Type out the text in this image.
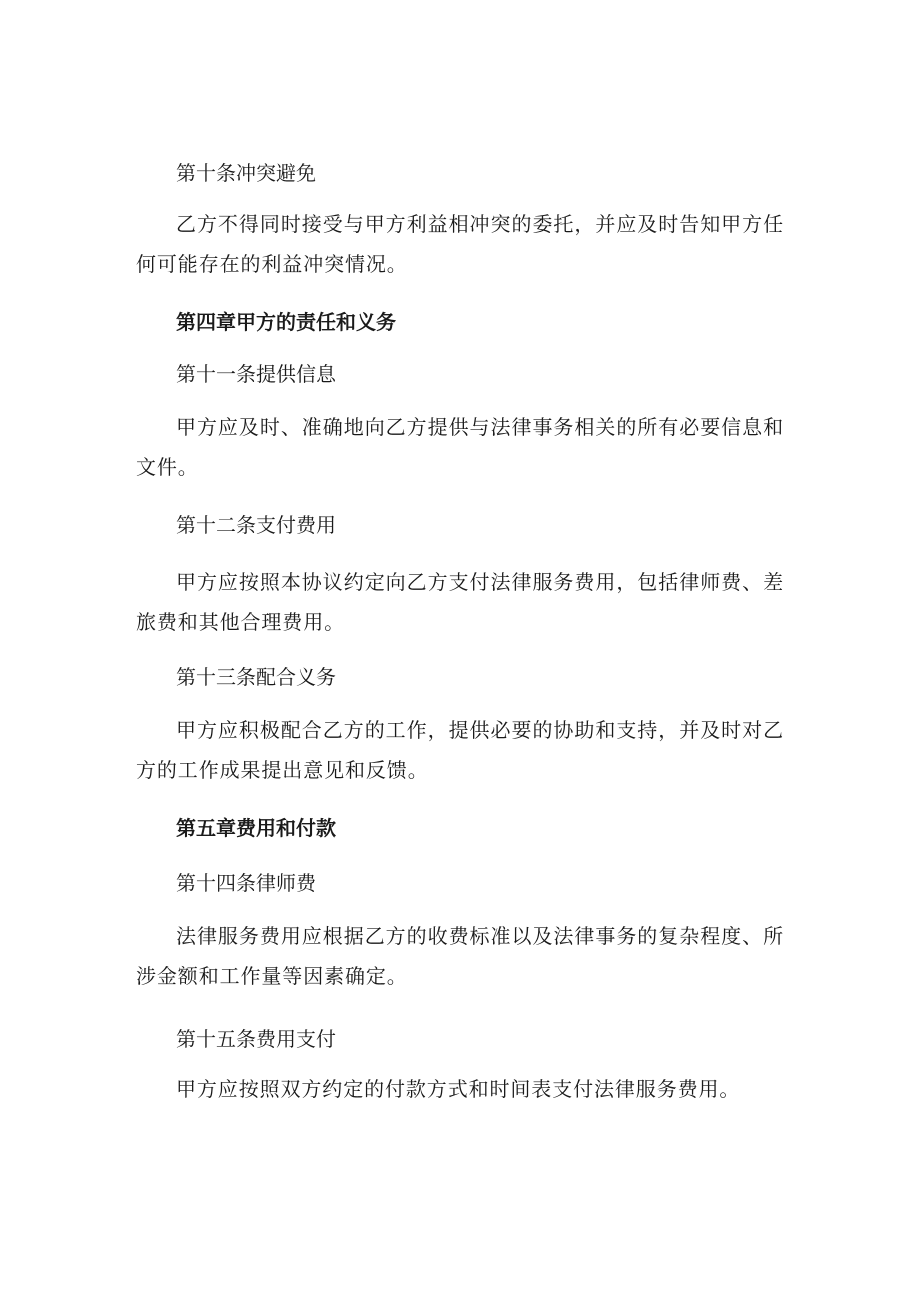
第十条冲突避免

乙方不得同时接受与甲方利益相冲突的委托，并应及时告知甲方任何可能存在的利益冲突情况。

第四章甲方的责任和义务

第十一条提供信息

甲方应及时、准确地向乙方提供与法律事务相关的所有必要信息和文件。

第十二条支付费用

甲方应按照本协议约定向乙方支付法律服务费用，包括律师费、差旅费和其他合理费用。

第十三条配合义务

甲方应积极配合乙方的工作，提供必要的协助和支持，并及时对乙方的工作成果提出意见和反馈。

第五章费用和付款

第十四条律师费

法律服务费用应根据乙方的收费标准以及法律事务的复杂程度、所涉金额和工作量等因素确定。

第十五条费用支付

甲方应按照双方约定的付款方式和时间表支付法律服务费用。
